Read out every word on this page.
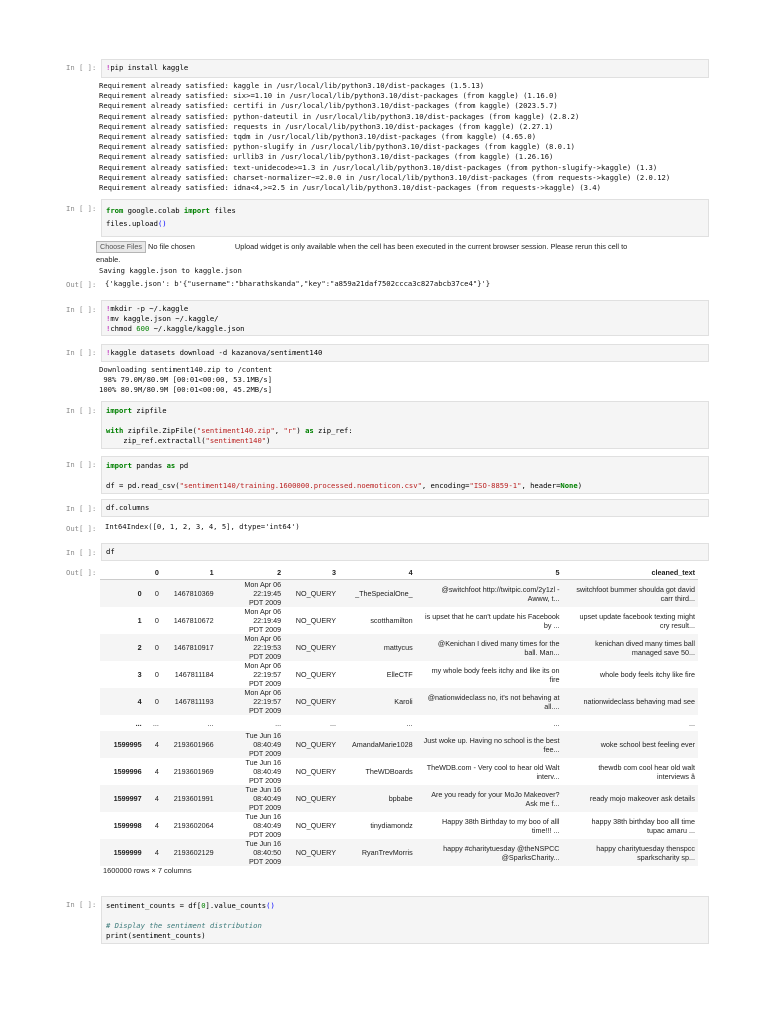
In [ ]:	!pip install kaggle
Requirement already satisfied: kaggle in /usr/local/lib/python3.10/dist-packages (1.5.13)
Requirement already satisfied: six>=1.10 in /usr/local/lib/python3.10/dist-packages (from kaggle) (1.16.0)
Requirement already satisfied: certifi in /usr/local/lib/python3.10/dist-packages (from kaggle) (2023.5.7)
Requirement already satisfied: python-dateutil in /usr/local/lib/python3.10/dist-packages (from kaggle) (2.8.2)
Requirement already satisfied: requests in /usr/local/lib/python3.10/dist-packages (from kaggle) (2.27.1)
Requirement already satisfied: tqdm in /usr/local/lib/python3.10/dist-packages (from kaggle) (4.65.0)
Requirement already satisfied: python-slugify in /usr/local/lib/python3.10/dist-packages (from kaggle) (8.0.1)
Requirement already satisfied: urllib3 in /usr/local/lib/python3.10/dist-packages (from kaggle) (1.26.16)
Requirement already satisfied: text-unidecode>=1.3 in /usr/local/lib/python3.10/dist-packages (from python-slugify->kaggle) (1.3)
Requirement already satisfied: charset-normalizer~=2.0.0 in /usr/local/lib/python3.10/dist-packages (from requests->kaggle) (2.0.12)
Requirement already satisfied: idna<4,>=2.5 in /usr/local/lib/python3.10/dist-packages (from requests->kaggle) (3.4)
In [ ]:	from google.colab import files
files.upload()
Choose Files No file chosen	Upload widget is only available when the cell has been executed in the current browser session. Please rerun this cell to
enable.
Saving kaggle.json to kaggle.json
Out[ ]: {'kaggle.json': b'{"username":"bharathskanda","key":"a859a21daf7502ccca3c827abcb37ce4"}'}
In [ ]:	!mkdir -p ~/.kaggle
!mv kaggle.json ~/.kaggle/
!chmod 600 ~/.kaggle/kaggle.json
In [ ]:	!kaggle datasets download -d kazanova/sentiment140
Downloading sentiment140.zip to /content
98% 79.0M/80.9M [00:01<00:00, 53.1MB/s]
100% 80.9M/80.9M [00:01<00:00, 45.2MB/s]
In [ ]:	import zipfile

with zipfile.ZipFile("sentiment140.zip", "r") as zip_ref:
zip_ref.extractall("sentiment140")
In [ ]:	import pandas as pd

df = pd.read_csv("sentiment140/training.1600000.processed.noemoticon.csv", encoding="ISO-8859-1", header=None)
In [ ]:	df.columns
Out[ ]: Int64Index([0, 1, 2, 3, 4, 5], dtype='int64')
In [ ]:	df
Out[ ]:
		0	1	2	3	4	5	cleaned_text
0	0	1467810369	Mon Apr 06 22:19:45
PDT 2009	NO_QUERY	_TheSpecialOne_	@switchfoot http://twitpic.com/2y1zl -
Awww, t...	switchfoot bummer shoulda got david
carr third...
1	0	1467810672	Mon Apr 06 22:19:49
PDT 2009	NO_QUERY	scotthamilton	is upset that he can't update his Facebook
by ...	upset update facebook texting might
cry result...
2	0	1467810917	Mon Apr 06 22:19:53
PDT 2009	NO_QUERY	mattycus	@Kenichan I dived many times for the
ball. Man...	kenichan dived many times ball
managed save 50...
3	0	1467811184	Mon Apr 06 22:19:57
PDT 2009	NO_QUERY	ElleCTF	my whole body feels itchy and like its on
fire	whole body feels itchy like fire
4	0	1467811193	Mon Apr 06 22:19:57
PDT 2009	NO_QUERY	Karoli	@nationwideclass no, it's not behaving at
all....	nationwideclass behaving mad see
...	...	...	...	...	...	...	...
1599995	4	2193601966	Tue Jun 16 08:40:49
PDT 2009	NO_QUERY	AmandaMarie1028	Just woke up. Having no school is the best
fee...	woke school best feeling ever
1599996	4	2193601969	Tue Jun 16 08:40:49
PDT 2009	NO_QUERY	TheWDBoards	TheWDB.com - Very cool to hear old Walt
interv...	thewdb com cool hear old walt
interviews â
1599997	4	2193601991	Tue Jun 16 08:40:49
PDT 2009	NO_QUERY	bpbabe	Are you ready for your MoJo Makeover?
Ask me f...	ready mojo makeover ask details
1599998	4	2193602064	Tue Jun 16 08:40:49
PDT 2009	NO_QUERY	tinydiamondz	Happy 38th Birthday to my boo of alll
time!!! ...	happy 38th birthday boo alll time
tupac amaru ...
1599999	4	2193602129	Tue Jun 16 08:40:50
PDT 2009	NO_QUERY	RyanTrevMorris	happy #charitytuesday @theNSPCC
@SparksCharity...	happy charitytuesday thenspcc
sparkscharity sp...
1600000 rows × 7 columns
In [ ]:	sentiment_counts = df[0].value_counts()

# Display the sentiment distribution
print(sentiment_counts)
